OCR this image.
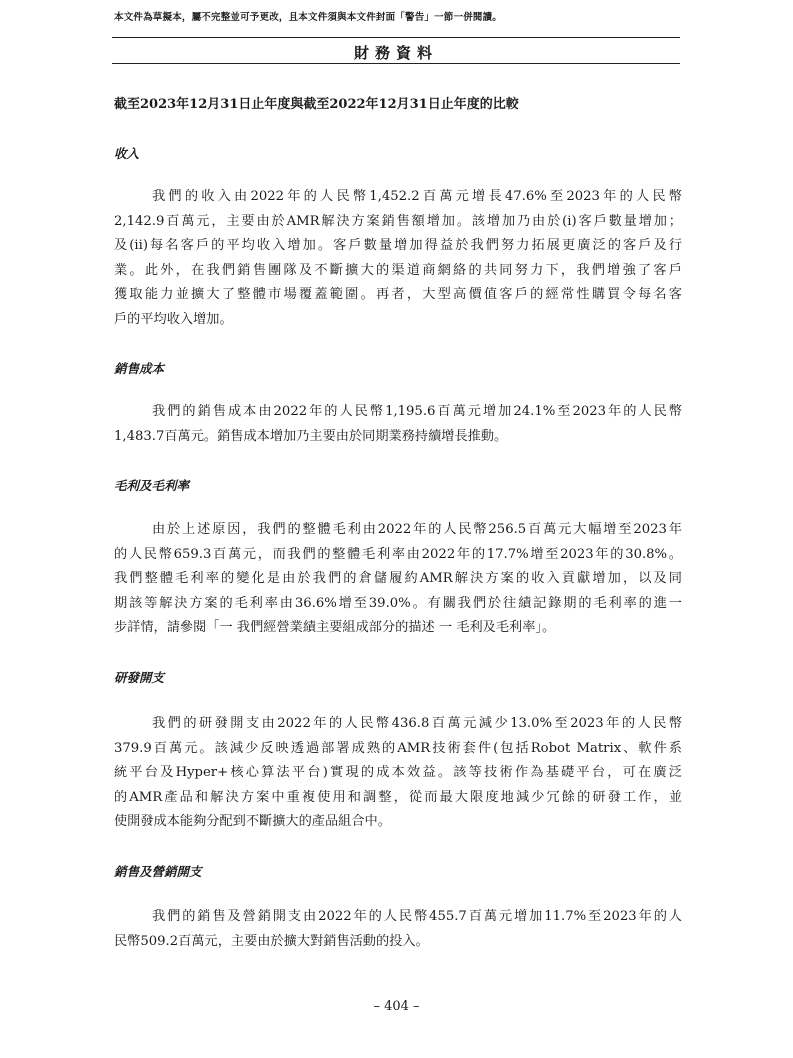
本文件為草擬本，屬不完整並可予更改，且本文件須與本文件封面「警告」一節一併閱讀。
財務資料
截至2023年12月31日止年度與截至2022年12月31日止年度的比較
收入
我們的收入由2022年的人民幣1,452.2百萬元增長47.6%至2023年的人民幣
2,142.9百萬元，主要由於AMR解決方案銷售額增加。該增加乃由於(i)客戶數量增加；
及(ii)每名客戶的平均收入增加。客戶數量增加得益於我們努力拓展更廣泛的客戶及行
業。此外，在我們銷售團隊及不斷擴大的渠道商網絡的共同努力下，我們增強了客戶
獲取能力並擴大了整體市場覆蓋範圍。再者，大型高價值客戶的經常性購買令每名客
戶的平均收入增加。
銷售成本
我們的銷售成本由2022年的人民幣1,195.6百萬元增加24.1%至2023年的人民幣
1,483.7百萬元。銷售成本增加乃主要由於同期業務持續增長推動。
毛利及毛利率
由於上述原因，我們的整體毛利由2022年的人民幣256.5百萬元大幅增至2023年
的人民幣659.3百萬元，而我們的整體毛利率由2022年的17.7%增至2023年的30.8%。
我們整體毛利率的變化是由於我們的倉儲履約AMR解決方案的收入貢獻增加，以及同
期該等解決方案的毛利率由36.6%增至39.0%。有關我們於往績記錄期的毛利率的進一
步詳情，請參閱「一 我們經營業績主要組成部分的描述 一 毛利及毛利率」。
研發開支
我們的研發開支由2022年的人民幣436.8百萬元減少13.0%至2023年的人民幣
379.9百萬元。該減少反映透過部署成熟的AMR技術套件(包括Robot Matrix、軟件系
統平台及Hyper+核心算法平台)實現的成本效益。該等技術作為基礎平台，可在廣泛
的AMR產品和解決方案中重複使用和調整，從而最大限度地減少冗餘的研發工作，並
使開發成本能夠分配到不斷擴大的產品組合中。
銷售及營銷開支
我們的銷售及營銷開支由2022年的人民幣455.7百萬元增加11.7%至2023年的人
民幣509.2百萬元，主要由於擴大對銷售活動的投入。
– 404 –
